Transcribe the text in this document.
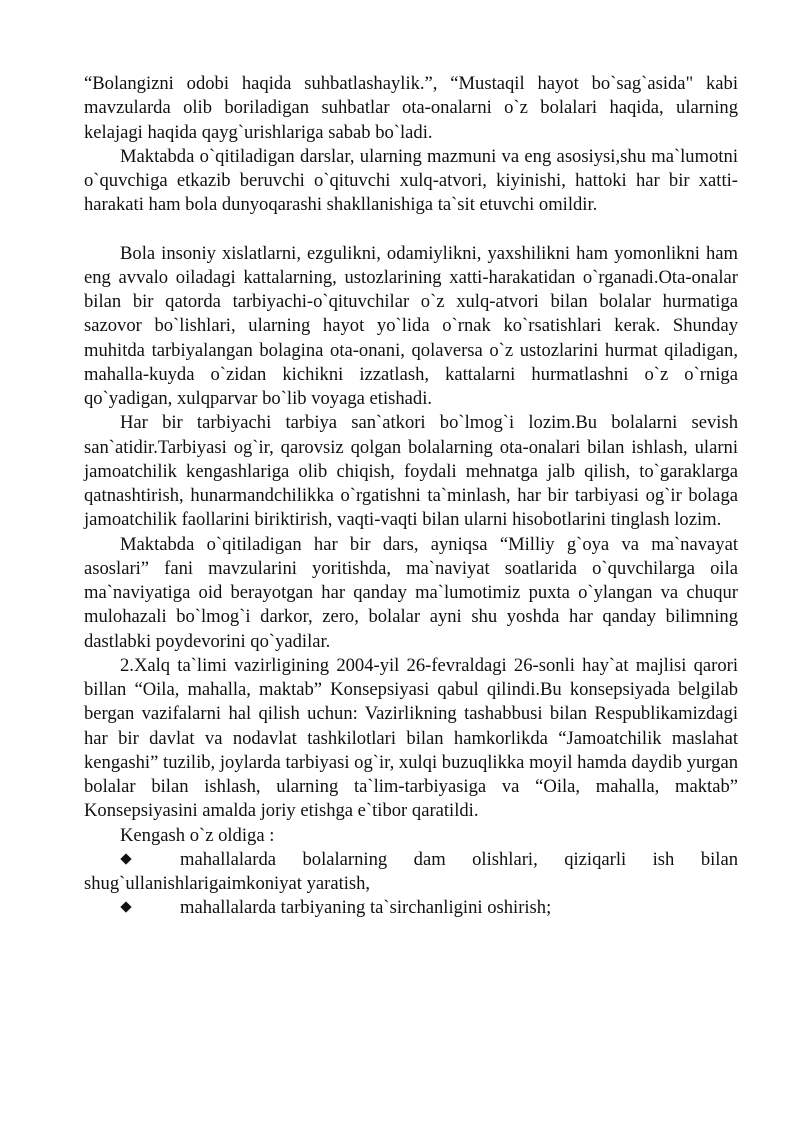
“Bolangizni odobi haqida suhbatlashaylik.”, “Mustaqil hayot bo`sag`asida" kabi mavzularda olib boriladigan suhbatlar ota-onalarni o`z bolalari haqida, ularning kelajagi haqida qayg`urishlariga sabab bo`ladi.

Maktabda o`qitiladigan darslar, ularning mazmuni va eng asosiysi,shu ma`lumotni o`quvchiga etkazib beruvchi o`qituvchi xulq-atvori, kiyinishi, hattoki har bir xatti-harakati ham bola dunyoqarashi shakllanishiga ta`sit etuvchi omildir.

Bola insoniy xislatlarni, ezgulikni, odamiylikni, yaxshilikni ham yomonlikni ham eng avvalo oiladagi kattalarning, ustozlarining xatti-harakatidan o`rganadi.Ota-onalar bilan bir qatorda tarbiyachi-o`qituvchilar o`z xulq-atvori bilan bolalar hurmatiga sazovor bo`lishlari, ularning hayot yo`lida o`rnak ko`rsatishlari kerak. Shunday muhitda tarbiyalangan bolagina ota-onani, qolaversa o`z ustozlarini hurmat qiladigan, mahalla-kuyda o`zidan kichikni izzatlash, kattalarni hurmatlashni o`z o`rniga qo`yadigan, xulqparvar bo`lib voyaga etishadi.

Har bir tarbiyachi tarbiya san`atkori bo`lmog`i lozim.Bu bolalarni sevish san`atidir.Tarbiyasi og`ir, qarovsiz qolgan bolalarning ota-onalari bilan ishlash, ularni jamoatchilik kengashlariga olib chiqish, foydali mehnatga jalb qilish, to`garaklarga qatnashtirish, hunarmandchilikka o`rgatishni ta`minlash, har bir tarbiyasi og`ir bolaga jamoatchilik faollarini biriktirish, vaqti-vaqti bilan ularni hisobotlarini tinglash lozim.

Maktabda o`qitiladigan har bir dars, ayniqsa “Milliy g`oya va ma`navayat asoslari” fani mavzularini yoritishda, ma`naviyat soatlarida o`quvchilarga oila ma`naviyatiga oid berayotgan har qanday ma`lumotimiz puxta o`ylangan va chuqur mulohazali bo`lmog`i darkor, zero, bolalar ayni shu yoshda har qanday bilimning dastlabki poydevorini qo`yadilar.

2.Xalq ta`limi vazirligining 2004-yil 26-fevraldagi 26-sonli hay`at majlisi qarori billan “Oila, mahalla, maktab” Konsepsiyasi qabul qilindi.Bu konsepsiyada belgilab bergan vazifalarni hal qilish uchun: Vazirlikning tashabbusi bilan Respublikamizdagi har bir davlat va nodavlat tashkilotlari bilan hamkorlikda “Jamoatchilik maslahat kengashi” tuzilib, joylarda tarbiyasi og`ir, xulqi buzuqlikka moyil hamda daydib yurgan bolalar bilan ishlash, ularning ta`lim-tarbiyasiga va “Oila, mahalla, maktab” Konsepsiyasini amalda joriy etishga e`tibor qaratildi.

Kengash o`z oldiga :

mahallalarda bolalarning dam olishlari, qiziqarli ish bilan shug`ullanishlarigaimkoniyat yaratish,

mahallalarda tarbiyaning ta`sirchanligini oshirish;
